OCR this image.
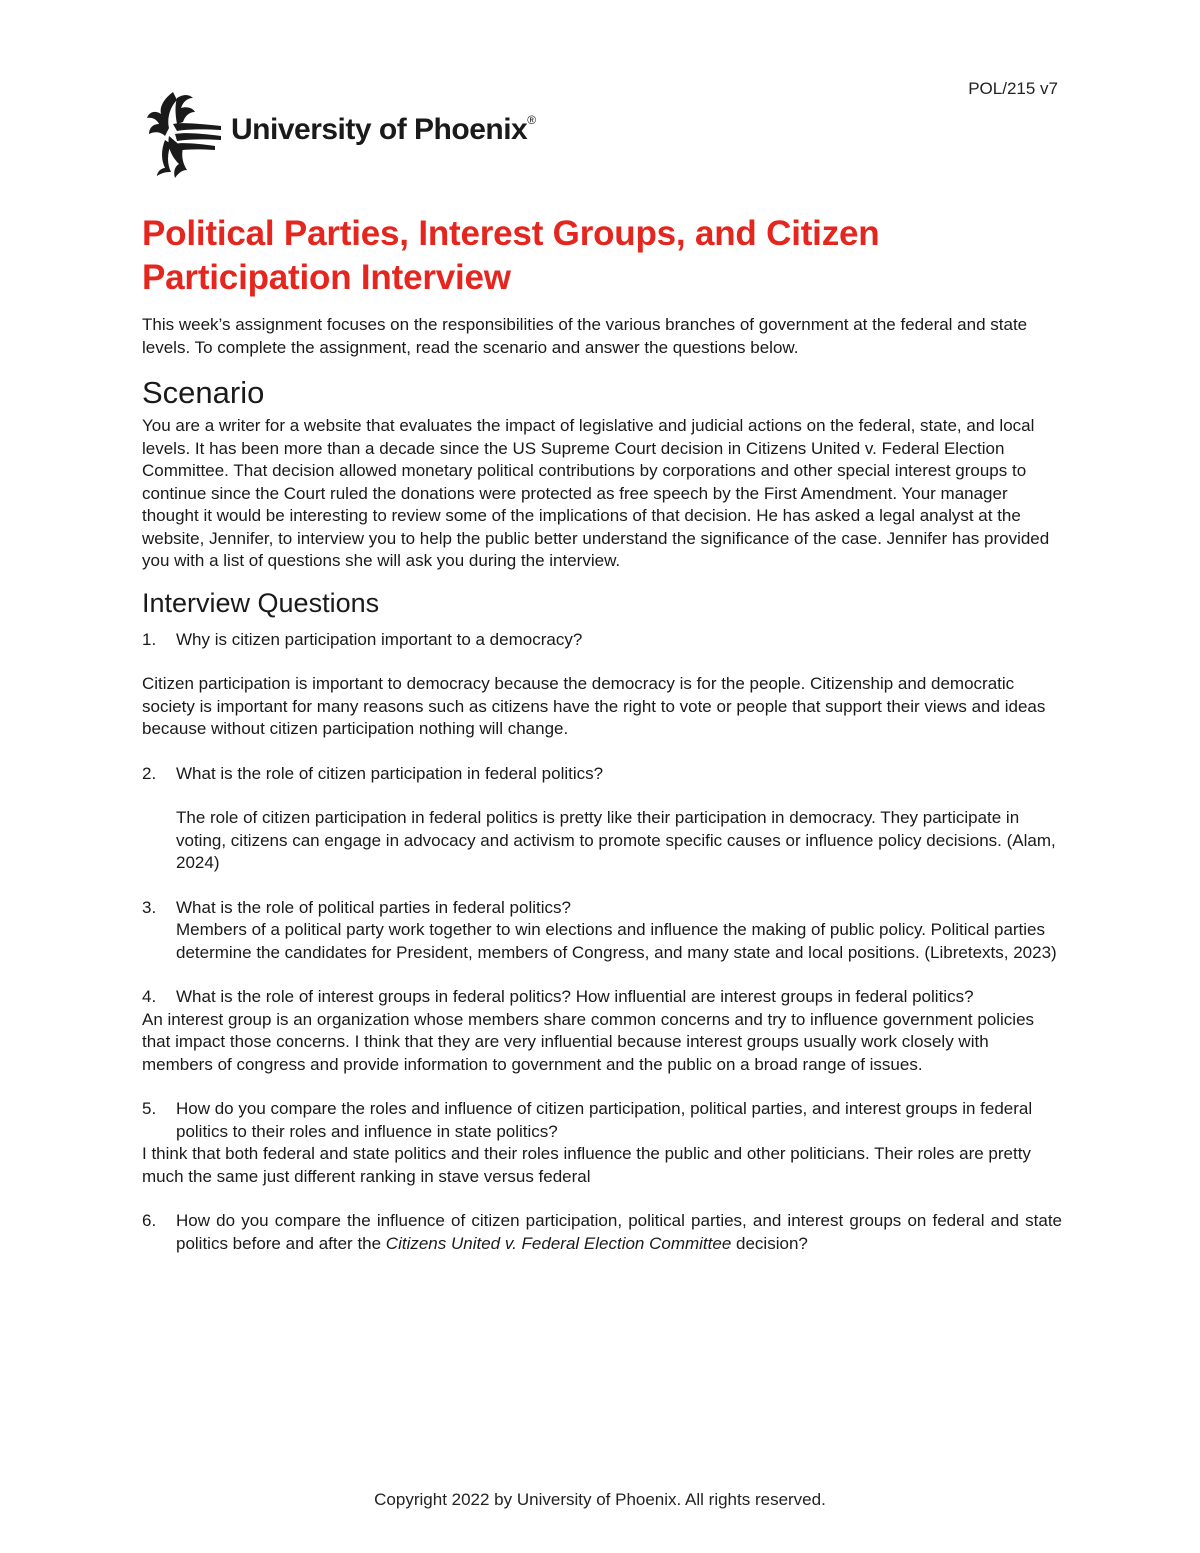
POL/215 v7
University of Phoenix®
Political Parties, Interest Groups, and Citizen Participation Interview

This week’s assignment focuses on the responsibilities of the various branches of government at the federal and state levels. To complete the assignment, read the scenario and answer the questions below.

Scenario

You are a writer for a website that evaluates the impact of legislative and judicial actions on the federal, state, and local levels. It has been more than a decade since the US Supreme Court decision in Citizens United v. Federal Election Committee. That decision allowed monetary political contributions by corporations and other special interest groups to continue since the Court ruled the donations were protected as free speech by the First Amendment. Your manager thought it would be interesting to review some of the implications of that decision. He has asked a legal analyst at the website, Jennifer, to interview you to help the public better understand the significance of the case. Jennifer has provided you with a list of questions she will ask you during the interview.

Interview Questions
1.	Why is citizen participation important to a democracy?

Citizen participation is important to democracy because the democracy is for the people. Citizenship and democratic society is important for many reasons such as citizens have the right to vote or people that support their views and ideas because without citizen participation nothing will change.

2.	What is the role of citizen participation in federal politics?

The role of citizen participation in federal politics is pretty like their participation in democracy. They participate in voting, citizens can engage in advocacy and activism to promote specific causes or influence policy decisions. (Alam, 2024)

3.	What is the role of political parties in federal politics?

Members of a political party work together to win elections and influence the making of public policy. Political parties determine the candidates for President, members of Congress, and many state and local positions. (Libretexts, 2023)

4.	What is the role of interest groups in federal politics? How influential are interest groups in federal politics?

An interest group is an organization whose members share common concerns and try to influence government policies that impact those concerns. I think that they are very influential because interest groups usually work closely with members of congress and provide information to government and the public on a broad range of issues.

5.	How do you compare the roles and influence of citizen participation, political parties, and interest groups in federal politics to their roles and influence in state politics?

I think that both federal and state politics and their roles influence the public and other politicians. Their roles are pretty much the same just different ranking in stave versus federal

6.	How do you compare the influence of citizen participation, political parties, and interest groups on federal and state politics before and after the Citizens United v. Federal Election Committee decision?
Copyright 2022 by University of Phoenix. All rights reserved.
